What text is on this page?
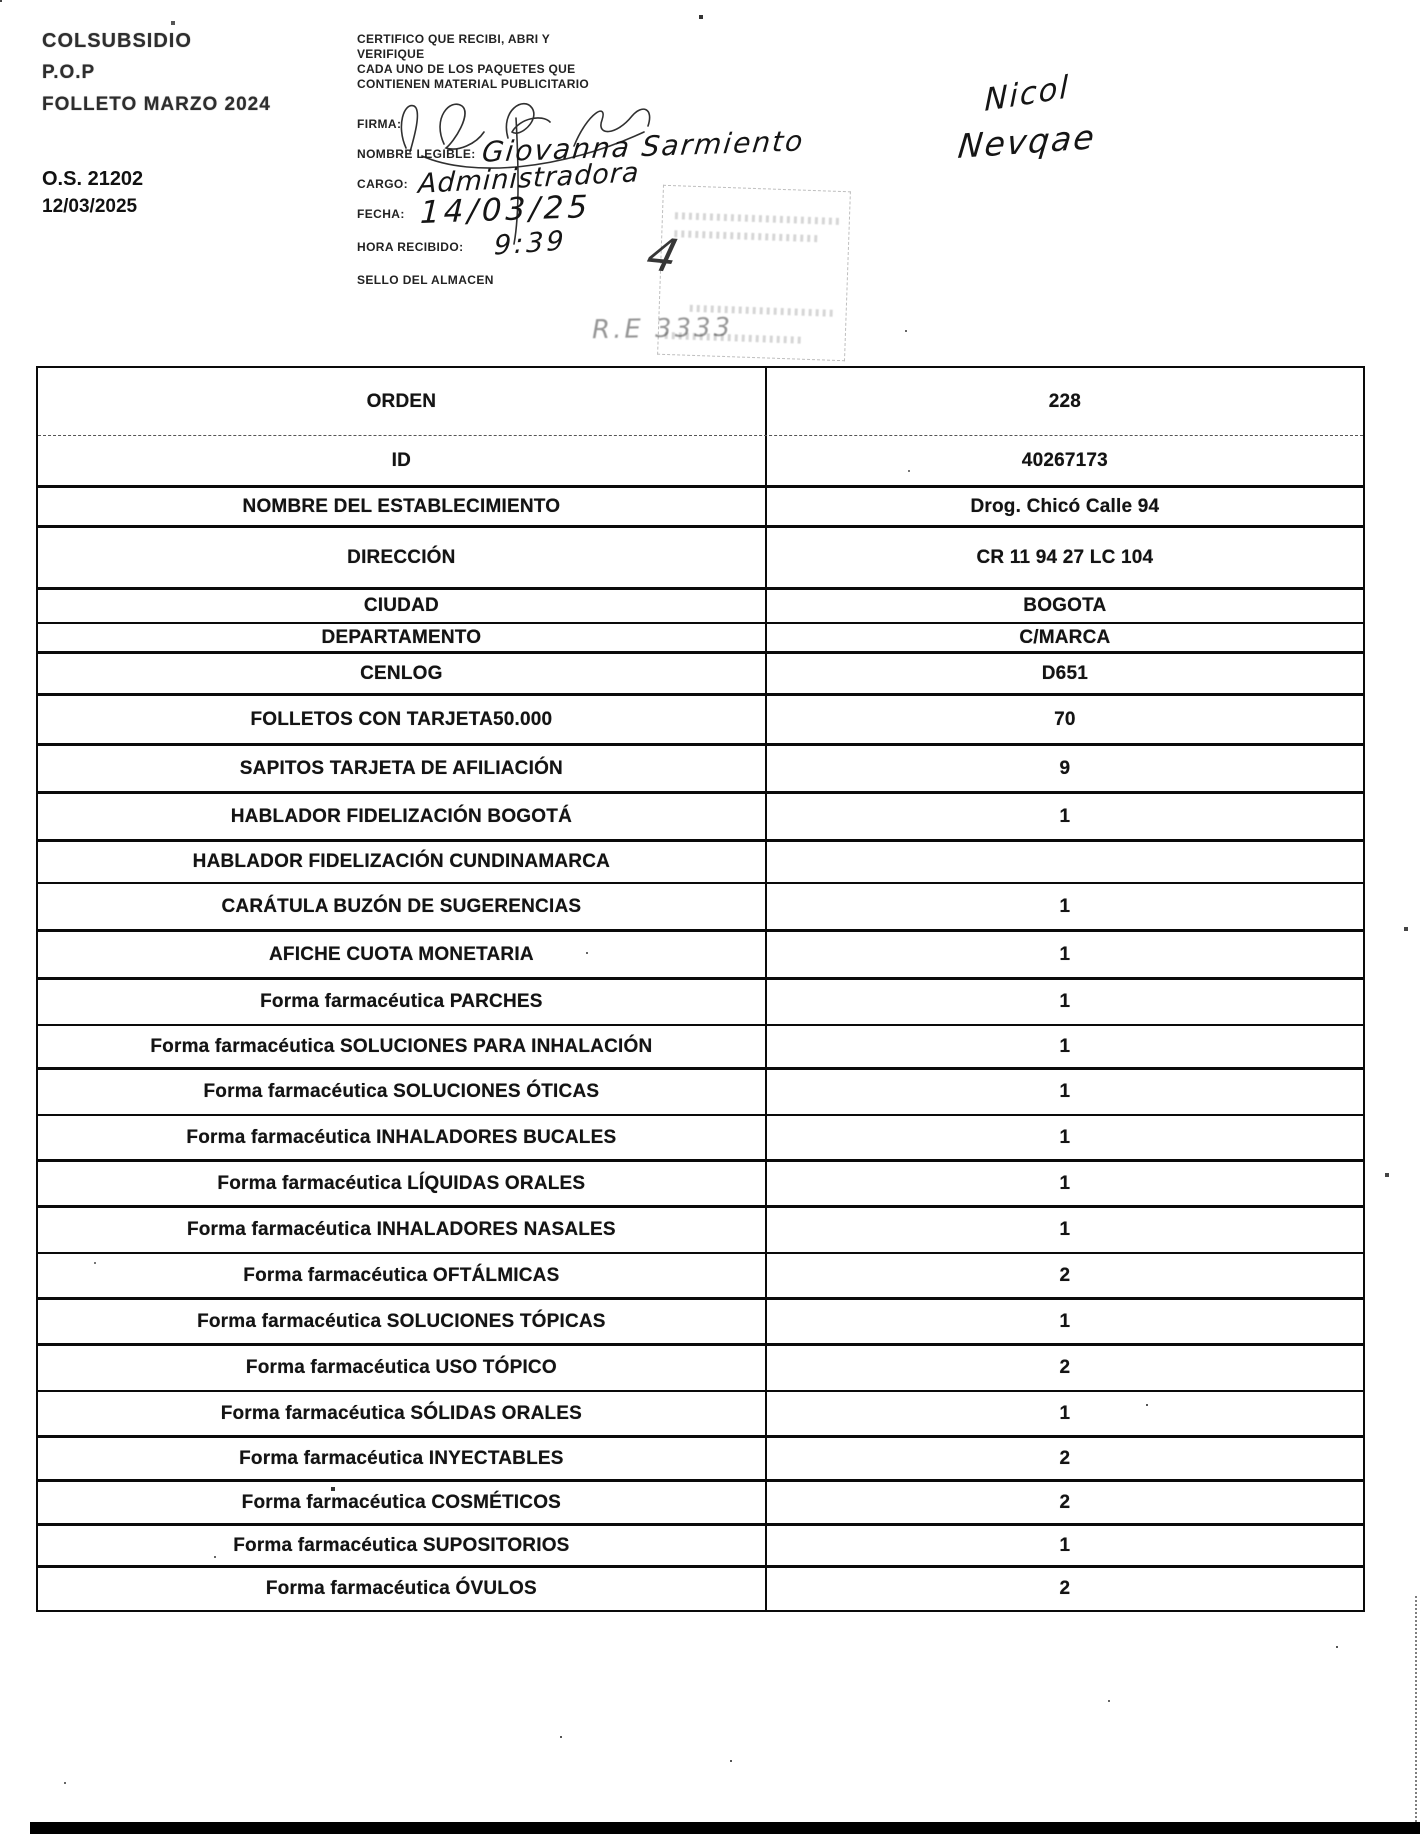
COLSUBSIDIO
P.O.P
FOLLETO MARZO 2024
O.S. 21202
12/03/2025
CERTIFICO QUE RECIBI, ABRI Y
VERIFIQUE
CADA UNO DE LOS PAQUETES QUE
CONTIENEN MATERIAL PUBLICITARIO
FIRMA:
NOMBRE LEGIBLE:
CARGO:
FECHA:
HORA RECIBIDO:
SELLO DEL ALMACEN
Giovanna Sarmiento
Administradora
14/03/25
9:39
Nicol
Nevqae
4
R.E 3333
ORDEN	228
ID	40267173
NOMBRE DEL ESTABLECIMIENTO	Drog. Chicó Calle 94
DIRECCIÓN	CR 11 94 27 LC 104
CIUDAD	BOGOTA
DEPARTAMENTO	C/MARCA
CENLOG	D651
FOLLETOS CON TARJETA50.000	70
SAPITOS TARJETA DE AFILIACIÓN	9
HABLADOR FIDELIZACIÓN BOGOTÁ	1
HABLADOR FIDELIZACIÓN CUNDINAMARCA
CARÁTULA BUZÓN DE SUGERENCIAS	1
AFICHE CUOTA MONETARIA	1
Forma farmacéutica PARCHES	1
Forma farmacéutica SOLUCIONES PARA INHALACIÓN	1
Forma farmacéutica SOLUCIONES ÓTICAS	1
Forma farmacéutica INHALADORES BUCALES	1
Forma farmacéutica LÍQUIDAS ORALES	1
Forma farmacéutica INHALADORES NASALES	1
Forma farmacéutica OFTÁLMICAS	2
Forma farmacéutica SOLUCIONES TÓPICAS	1
Forma farmacéutica USO TÓPICO	2
Forma farmacéutica SÓLIDAS ORALES	1
Forma farmacéutica INYECTABLES	2
Forma farmacéutica COSMÉTICOS	2
Forma farmacéutica SUPOSITORIOS	1
Forma farmacéutica ÓVULOS	2
